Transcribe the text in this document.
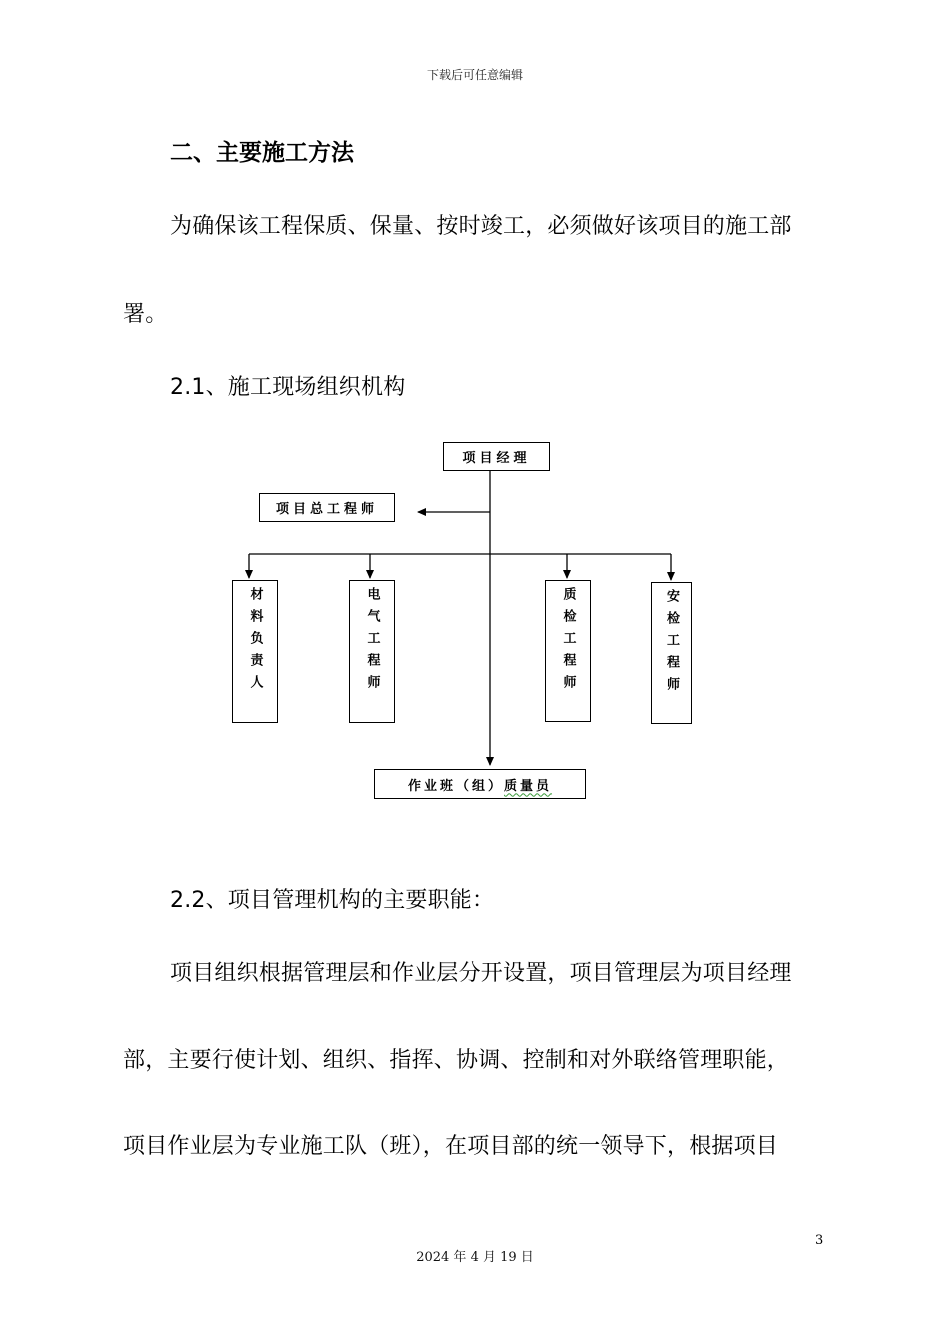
下载后可任意编辑
二、主要施工方法
为确保该工程保质、保量、按时竣工，必须做好该项目的施工部
署。
2.1、施工现场组织机构
项目经理
项目总工程师
材料负责人	电气工程师	质检工程师	安检工程师
作业班（组） 质量员
2.2、项目管理机构的主要职能：
项目组织根据管理层和作业层分开设置，项目管理层为项目经理
部，主要行使计划、组织、指挥、协调、控制和对外联络管理职能，
项目作业层为专业施工队（班），在项目部的统一领导下，根据项目
3
2024 年 4 月 19 日
